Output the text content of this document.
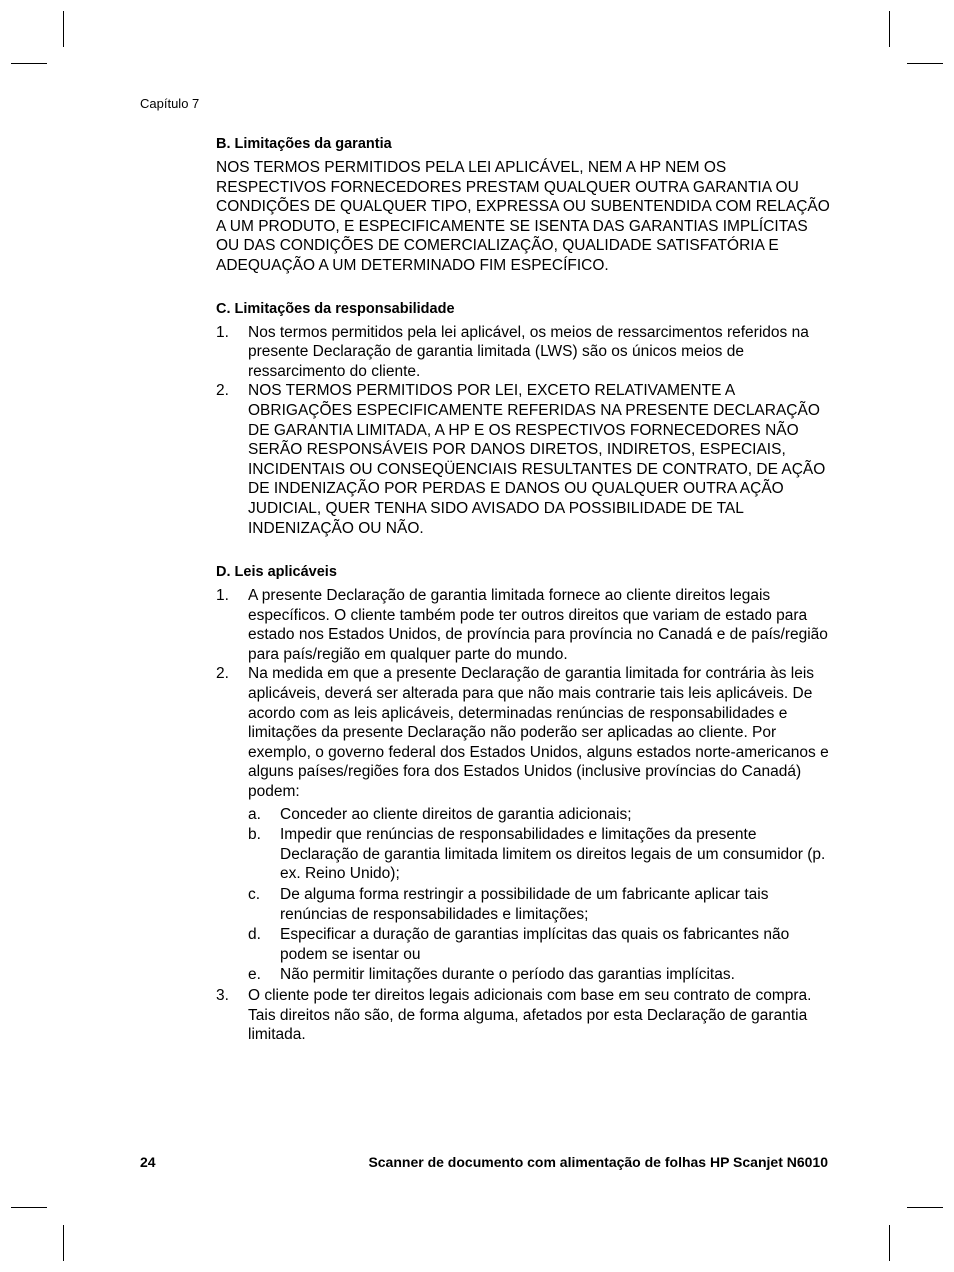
Capítulo 7
B. Limitações da garantia

NOS TERMOS PERMITIDOS PELA LEI APLICÁVEL, NEM A HP NEM OS RESPECTIVOS FORNECEDORES PRESTAM QUALQUER OUTRA GARANTIA OU CONDIÇÕES DE QUALQUER TIPO, EXPRESSA OU SUBENTENDIDA COM RELAÇÃO A UM PRODUTO, E ESPECIFICAMENTE SE ISENTA DAS GARANTIAS IMPLÍCITAS OU DAS CONDIÇÕES DE COMERCIALIZAÇÃO, QUALIDADE SATISFATÓRIA E ADEQUAÇÃO A UM DETERMINADO FIM ESPECÍFICO.

C. Limitações da responsabilidade
1. Nos termos permitidos pela lei aplicável, os meios de ressarcimentos referidos na presente Declaração de garantia limitada (LWS) são os únicos meios de ressarcimento do cliente.
2. NOS TERMOS PERMITIDOS POR LEI, EXCETO RELATIVAMENTE A OBRIGAÇÕES ESPECIFICAMENTE REFERIDAS NA PRESENTE DECLARAÇÃO DE GARANTIA LIMITADA, A HP E OS RESPECTIVOS FORNECEDORES NÃO SERÃO RESPONSÁVEIS POR DANOS DIRETOS, INDIRETOS, ESPECIAIS, INCIDENTAIS OU CONSEQÜENCIAIS RESULTANTES DE CONTRATO, DE AÇÃO DE INDENIZAÇÃO POR PERDAS E DANOS OU QUALQUER OUTRA AÇÃO JUDICIAL, QUER TENHA SIDO AVISADO DA POSSIBILIDADE DE TAL INDENIZAÇÃO OU NÃO.
D. Leis aplicáveis
1. A presente Declaração de garantia limitada fornece ao cliente direitos legais específicos. O cliente também pode ter outros direitos que variam de estado para estado nos Estados Unidos, de província para província no Canadá e de país/região para país/região em qualquer parte do mundo.
2. Na medida em que a presente Declaração de garantia limitada for contrária às leis aplicáveis, deverá ser alterada para que não mais contrarie tais leis aplicáveis. De acordo com as leis aplicáveis, determinadas renúncias de responsabilidades e limitações da presente Declaração não poderão ser aplicadas ao cliente. Por exemplo, o governo federal dos Estados Unidos, alguns estados norte-americanos e alguns países/regiões fora dos Estados Unidos (inclusive províncias do Canadá) podem:
a. Conceder ao cliente direitos de garantia adicionais;
b. Impedir que renúncias de responsabilidades e limitações da presente Declaração de garantia limitada limitem os direitos legais de um consumidor (p. ex. Reino Unido);
c. De alguma forma restringir a possibilidade de um fabricante aplicar tais renúncias de responsabilidades e limitações;
d. Especificar a duração de garantias implícitas das quais os fabricantes não podem se isentar ou
e. Não permitir limitações durante o período das garantias implícitas.
3. O cliente pode ter direitos legais adicionais com base em seu contrato de compra. Tais direitos não são, de forma alguma, afetados por esta Declaração de garantia limitada.
24	Scanner de documento com alimentação de folhas HP Scanjet N6010
